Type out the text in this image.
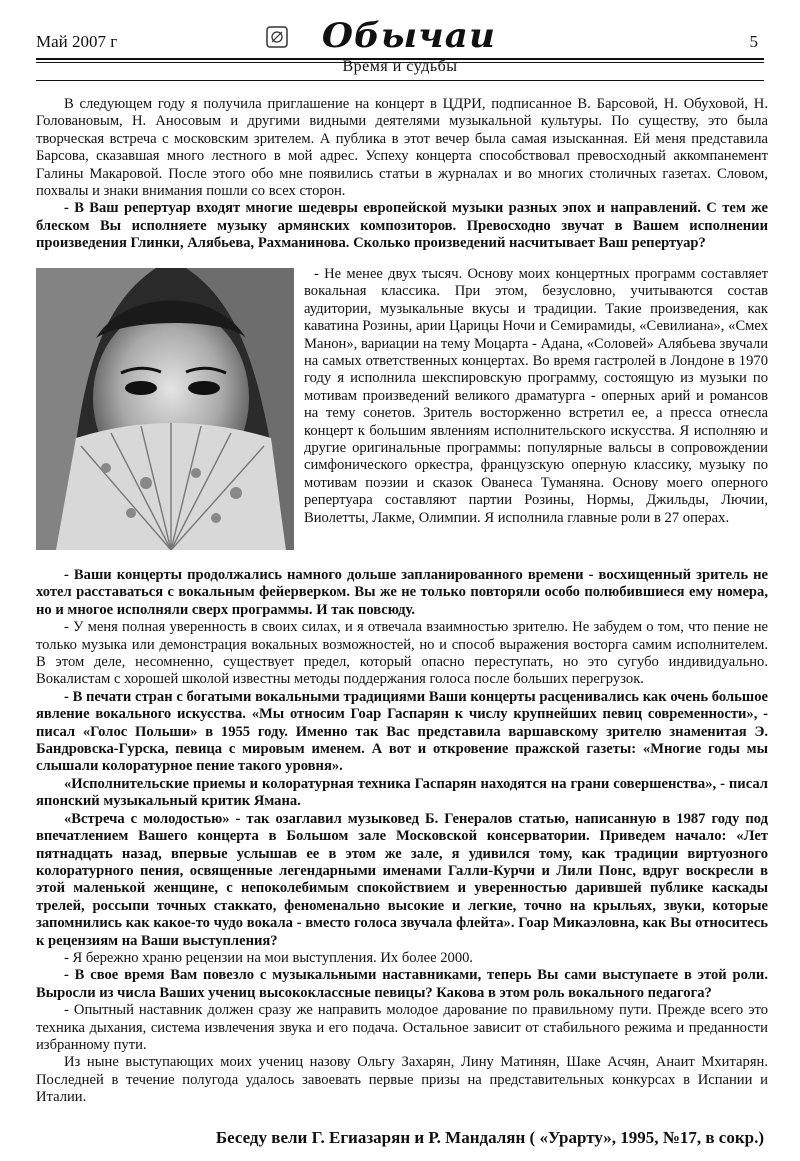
Май 2007 г	Обычаи	5
Время и судьбы

В следующем году я получила приглашение на концерт в ЦДРИ, подписанное В. Барсовой, Н. Обуховой, Н. Головановым, Н. Аносовым и другими видными деятелями музыкальной культуры. По существу, это была творческая встреча с московским зрителем. А публика в этот вечер была самая изысканная. Ей меня представила Барсова, сказавшая много лестного в мой адрес. Успеху концерта способствовал превосходный аккомпанемент Галины Макаровой. После этого обо мне появились статьи в журналах и во многих столичных газетах. Словом, похвалы и знаки внимания пошли со всех сторон.

- В Ваш репертуар входят многие шедевры европейской музыки разных эпох и направлений. С тем же блеском Вы исполняете музыку армянских композиторов. Превосходно звучат в Вашем исполнении произведения Глинки, Алябьева, Рахманинова. Сколько произведений насчитывает Ваш репертуар?

- Не менее двух тысяч. Основу моих концертных программ составляет вокальная классика. При этом, безусловно, учитываются состав аудитории, музыкальные вкусы и традиции. Такие произведения, как каватина Розины, арии Царицы Ночи и Семирамиды, «Севилиана», «Смех Манон», вариации на тему Моцарта - Адана, «Соловей» Алябьева звучали на самых ответственных концертах. Во время гастролей в Лондоне в 1970 году я исполнила шекспировскую программу, состоящую из музыки по мотивам произведений великого драматурга - оперных арий и романсов на тему сонетов. Зритель восторженно встретил ее, а пресса отнесла концерт к большим явлениям исполнительского искусства. Я исполняю и другие оригинальные программы: популярные вальсы в сопровождении симфонического оркестра, французскую оперную классику, музыку по мотивам поэзии и сказок Ованеса Туманяна. Основу моего оперного репертуара составляют партии Розины, Нормы, Джильды, Лючии, Виолетты, Лакме, Олимпии. Я исполнила главные роли в 27 операх.

- Ваши концерты продолжались намного дольше запланированного времени - восхищенный зритель не хотел расставаться с вокальным фейерверком. Вы же не только повторяли особо полюбившиеся ему номера, но и многое исполняли сверх программы. И так повсюду.

- У меня полная уверенность в своих силах, и я отвечала взаимностью зрителю. Не забудем о том, что пение не только музыка или демонстрация вокальных возможностей, но и способ выражения восторга самим исполнителем. В этом деле, несомненно, существует предел, который опасно переступать, но это сугубо индивидуально. Вокалистам с хорошей школой известны методы поддержания голоса после больших перегрузок.

- В печати стран с богатыми вокальными традициями Ваши концерты расценивались как очень большое явление вокального искусства. «Мы относим Гоар Гаспарян к числу крупнейших певиц современности», - писал «Голос Польши» в 1955 году. Именно так Вас представила варшавскому зрителю знаменитая Э. Бандровска-Гурска, певица с мировым именем. А вот и откровение пражской газеты: «Многие годы мы слышали колоратурное пение такого уровня».

«Исполнительские приемы и колоратурная техника Гаспарян находятся на грани совершенства», - писал японский музыкальный критик Ямана.

«Встреча с молодостью» - так озаглавил музыковед Б. Генералов статью, написанную в 1987 году под впечатлением Вашего концерта в Большом зале Московской консерватории. Приведем начало: «Лет пятнадцать назад, впервые услышав ее в этом же зале, я удивился тому, как традиции виртуозного колоратурного пения, освященные легендарными именами Галли-Курчи и Лили Понс, вдруг воскресли в этой маленькой женщине, с непоколебимым спокойствием и уверенностью дарившей публике каскады трелей, россыпи точных стаккато, феноменально высокие и легкие, точно на крыльях, звуки, которые запомнились как какое-то чудо вокала - вместо голоса звучала флейта». Гоар Микаэловна, как Вы относитесь к рецензиям на Ваши выступления?

- Я бережно храню рецензии на мои выступления. Их более 2000.

- В свое время Вам повезло с музыкальными наставниками, теперь Вы сами выступаете в этой роли. Выросли из числа Ваших учениц высококлассные певицы? Какова в этом роль вокального педагога?

- Опытный наставник должен сразу же направить молодое дарование по правильному пути. Прежде всего это техника дыхания, система извлечения звука и его подача. Остальное зависит от стабильного режима и преданности избранному пути.

Из ныне выступающих моих учениц назову Ольгу Захарян, Лину Матинян, Шаке Асчян, Анаит Мхитарян. Последней в течение полугода удалось завоевать первые призы на представительных конкурсах в Испании и Италии.

Беседу вели Г. Егиазарян и Р. Мандалян ( «Урарту», 1995, №17, в сокр.)
